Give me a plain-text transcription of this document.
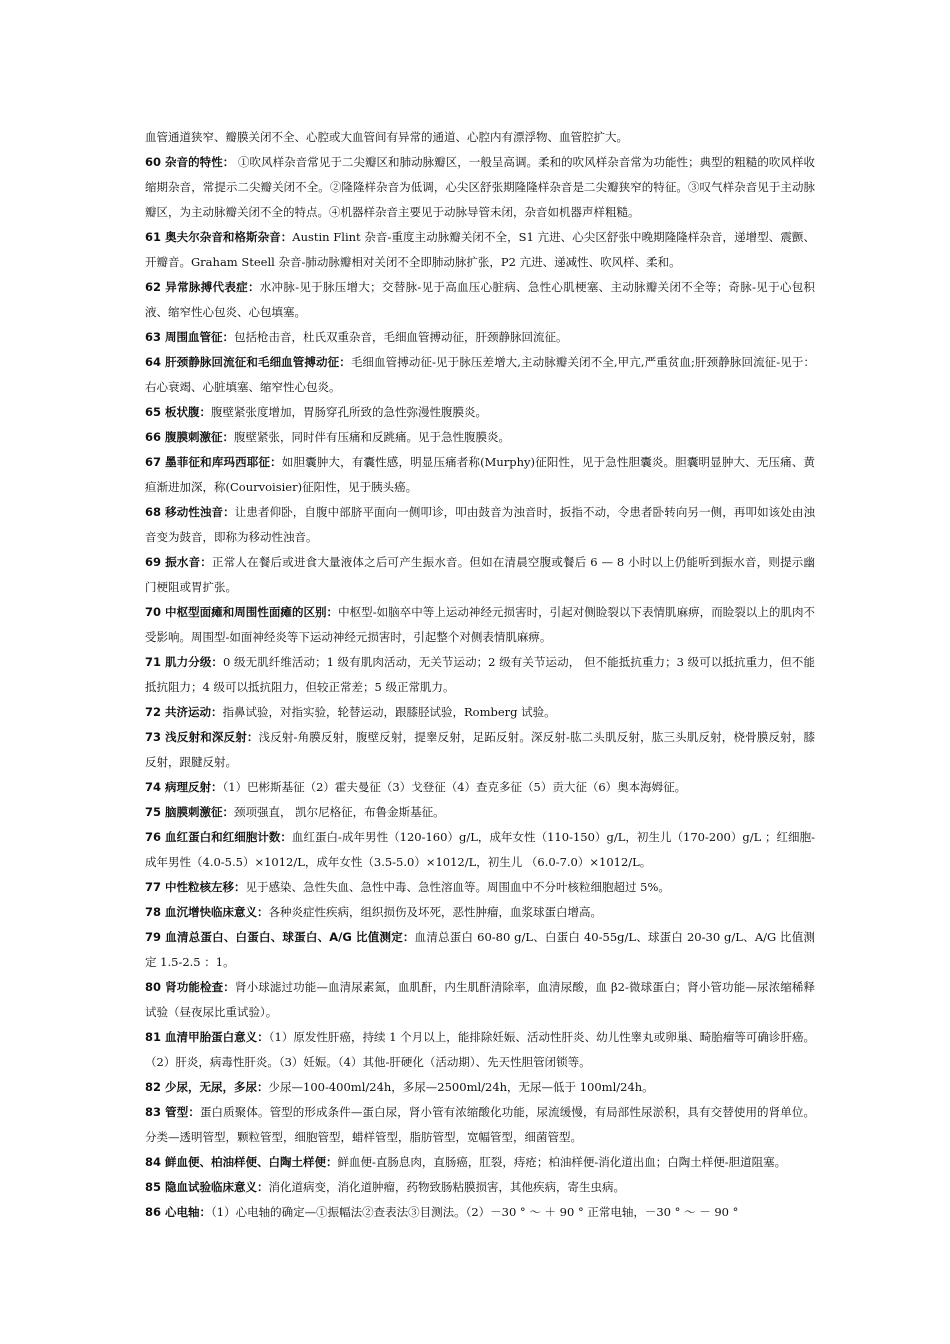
血管通道狭窄、瓣膜关闭不全、心腔或大血管间有异常的通道、心腔内有漂浮物、血管腔扩大。

60 杂音的特性： ①吹风样杂音常见于二尖瓣区和肺动脉瓣区，一般呈高调。柔和的吹风样杂音常为功能性；典型的粗糙的吹风样收缩期杂音，常提示二尖瓣关闭不全。②隆隆样杂音为低调，心尖区舒张期隆隆样杂音是二尖瓣狭窄的特征。③叹气样杂音见于主动脉瓣区，为主动脉瓣关闭不全的特点。④机器样杂音主要见于动脉导管未闭，杂音如机器声样粗糙。

61 奥夫尔杂音和格斯杂音：Austin Flint 杂音-重度主动脉瓣关闭不全，S1 亢进、心尖区舒张中晚期隆隆样杂音，递增型、震颤、开瓣音。Graham Steell 杂音-肺动脉瓣相对关闭不全即肺动脉扩张，P2 亢进、递减性、吹风样、柔和。

62 异常脉搏代表症：水冲脉-见于脉压增大；交替脉-见于高血压心脏病、急性心肌梗塞、主动脉瓣关闭不全等；奇脉-见于心包积液、缩窄性心包炎、心包填塞。

63 周围血管征：包括枪击音，杜氏双重杂音，毛细血管搏动征，肝颈静脉回流征。

64 肝颈静脉回流征和毛细血管搏动征：毛细血管搏动征-见于脉压差增大,主动脉瓣关闭不全,甲亢,严重贫血;肝颈静脉回流征-见于：右心衰竭、心脏填塞、缩窄性心包炎。

65 板状腹：腹壁紧张度增加，胃肠穿孔所致的急性弥漫性腹膜炎。

66 腹膜刺激征：腹壁紧张，同时伴有压痛和反跳痛。见于急性腹膜炎。

67 墨菲征和库玛西耶征：如胆囊肿大，有囊性感，明显压痛者称(Murphy)征阳性，见于急性胆囊炎。胆囊明显肿大、无压痛、黄疸渐进加深，称(Courvoisier)征阳性，见于胰头癌。

68 移动性浊音：让患者仰卧，自腹中部脐平面向一侧叩诊，叩由鼓音为浊音时，扳指不动，令患者卧转向另一侧，再叩如该处由浊音变为鼓音，即称为移动性浊音。

69 振水音：正常人在餐后或进食大量液体之后可产生振水音。但如在清晨空腹或餐后 6 — 8 小时以上仍能听到振水音，则提示幽门梗阻或胃扩张。

70 中枢型面瘫和周围性面瘫的区别：中枢型-如脑卒中等上运动神经元损害时，引起对侧睑裂以下表情肌麻痹，而睑裂以上的肌肉不受影响。周围型-如面神经炎等下运动神经元损害时，引起整个对侧表情肌麻痹。

71 肌力分级：0 级无肌纤维活动；1 级有肌肉活动，无关节运动；2 级有关节运动， 但不能抵抗重力；3 级可以抵抗重力，但不能抵抗阻力；4 级可以抵抗阻力，但较正常差；5 级正常肌力。

72 共济运动：指鼻试验，对指实验，轮替运动，跟膝胫试验，Romberg 试验。

73 浅反射和深反射：浅反射-角膜反射，腹壁反射，提睾反射，足跖反射。深反射-肱二头肌反射，肱三头肌反射，桡骨膜反射，膝反射，跟腱反射。

74 病理反射：（1）巴彬斯基征（2）霍夫曼征（3）戈登征（4）查克多征（5）贡大征（6）奥本海姆征。

75 脑膜刺激征：颈项强直， 凯尔尼格征，布鲁金斯基征。

76 血红蛋白和红细胞计数：血红蛋白-成年男性（120-160）g/L，成年女性（110-150）g/L，初生儿（170-200）g/L ；红细胞-成年男性（4.0-5.5）×1012/L，成年女性（3.5-5.0）×1012/L，初生儿 （6.0-7.0）×1012/L。

77 中性粒核左移：见于感染、急性失血、急性中毒、急性溶血等。周围血中不分叶核粒细胞超过 5%。

78 血沉增快临床意义：各种炎症性疾病，组织损伤及坏死，恶性肿瘤，血浆球蛋白增高。

79 血清总蛋白、白蛋白、球蛋白、A/G 比值测定：血清总蛋白 60-80 g/L、白蛋白 40-55g/L、球蛋白 20-30 g/L、A/G 比值测定 1.5-2.5 ：1。

80 肾功能检查：肾小球滤过功能—血清尿素氮，血肌酐，内生肌酐清除率，血清尿酸，血 β2-微球蛋白；肾小管功能—尿浓缩稀释试验（昼夜尿比重试验）。

81 血清甲胎蛋白意义：（1）原发性肝癌，持续 1 个月以上，能排除妊娠、活动性肝炎、幼儿性睾丸或卵巢、畸胎瘤等可确诊肝癌。（2）肝炎，病毒性肝炎。（3）妊娠。（4）其他-肝硬化（活动期）、先天性胆管闭锁等。

82 少尿，无尿，多尿：少尿—100-400ml/24h，多尿—2500ml/24h，无尿—低于 100ml/24h。

83 管型：蛋白质聚体。管型的形成条件—蛋白尿，肾小管有浓缩酸化功能，尿流缓慢，有局部性尿淤积，具有交替使用的肾单位。分类—透明管型，颗粒管型，细胞管型，蜡样管型，脂肪管型，宽幅管型，细菌管型。

84 鲜血便、柏油样便、白陶土样便：鲜血便-直肠息肉，直肠癌，肛裂，痔疮；柏油样便-消化道出血；白陶土样便-胆道阻塞。

85 隐血试验临床意义：消化道病变，消化道肿瘤，药物致肠粘膜损害，其他疾病，寄生虫病。

86 心电轴：（1）心电轴的确定—①振幅法②查表法③目测法。（2）－30 ° ～ ＋ 90 ° 正常电轴，－30 ° ～ － 90 °
